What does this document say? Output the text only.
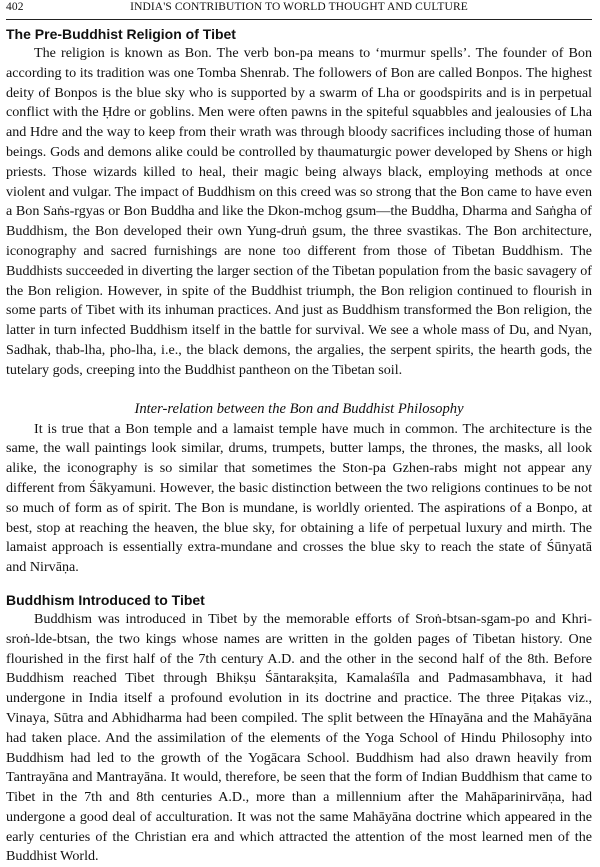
402	INDIA'S CONTRIBUTION TO WORLD THOUGHT AND CULTURE
The Pre-Buddhist Religion of Tibet

The religion is known as Bon. The verb bon-pa means to ‘murmur spells’. The founder of Bon according to its tradition was one Tomba Shenrab. The followers of Bon are called Bonpos. The highest deity of Bonpos is the blue sky who is supported by a swarm of Lha or goodspirits and is in perpetual conflict with the Ḥdre or goblins. Men were often pawns in the spiteful squabbles and jealousies of Lha and Hdre and the way to keep from their wrath was through bloody sacrifices including those of human beings. Gods and demons alike could be controlled by thaumaturgic power developed by Shens or high priests. Those wizards killed to heal, their magic being always black, employing methods at once violent and vulgar. The impact of Buddhism on this creed was so strong that the Bon came to have even a Bon Saṅs-rgyas or Bon Buddha and like the Dkon-mchog gsum—the Buddha, Dharma and Saṅgha of Buddhism, the Bon developed their own Yung-druṅ gsum, the three svastikas. The Bon architecture, iconography and sacred furnishings are none too different from those of Tibetan Buddhism. The Buddhists succeeded in diverting the larger section of the Tibetan population from the basic savagery of the Bon religion. However, in spite of the Buddhist triumph, the Bon religion continued to flourish in some parts of Tibet with its inhuman practices. And just as Buddhism transformed the Bon religion, the latter in turn infected Buddhism itself in the battle for survival. We see a whole mass of Du, and Nyan, Sadhak, thab-lha, pho-lha, i.e., the black demons, the argalies, the serpent spirits, the hearth gods, the tutelary gods, creeping into the Buddhist pantheon on the Tibetan soil.

Inter-relation between the Bon and Buddhist Philosophy

It is true that a Bon temple and a lamaist temple have much in common. The architecture is the same, the wall paintings look similar, drums, trumpets, butter lamps, the thrones, the masks, all look alike, the iconography is so similar that sometimes the Ston-pa Gzhen-rabs might not appear any different from Śākyamuni. However, the basic distinction between the two religions continues to be not so much of form as of spirit. The Bon is mundane, is worldly oriented. The aspirations of a Bonpo, at best, stop at reaching the heaven, the blue sky, for obtaining a life of perpetual luxury and mirth. The lamaist approach is essentially extra-mundane and crosses the blue sky to reach the state of Śūnyatā and Nirvāṇa.

Buddhism Introduced to Tibet

Buddhism was introduced in Tibet by the memorable efforts of Sroṅ-btsan-sgam-po and Khri-sroṅ-lde-btsan, the two kings whose names are written in the golden pages of Tibetan history. One flourished in the first half of the 7th century A.D. and the other in the second half of the 8th. Before Buddhism reached Tibet through Bhikṣu Śāntarakṣita, Kamalaśīla and Padmasambhava, it had undergone in India itself a profound evolution in its doctrine and practice. The three Piṭakas viz., Vinaya, Sūtra and Abhidharma had been compiled. The split between the Hīnayāna and the Mahāyāna had taken place. And the assimilation of the elements of the Yoga School of Hindu Philosophy into Buddhism had led to the growth of the Yogācara School. Buddhism had also drawn heavily from Tantrayāna and Mantrayāna. It would, therefore, be seen that the form of Indian Buddhism that came to Tibet in the 7th and 8th centuries A.D., more than a millennium after the Mahāparinirvāṇa, had undergone a good deal of acculturation. It was not the same Mahāyāna doctrine which appeared in the early centuries of the Christian era and which attracted the attention of the most learned men of the Buddhist World.
